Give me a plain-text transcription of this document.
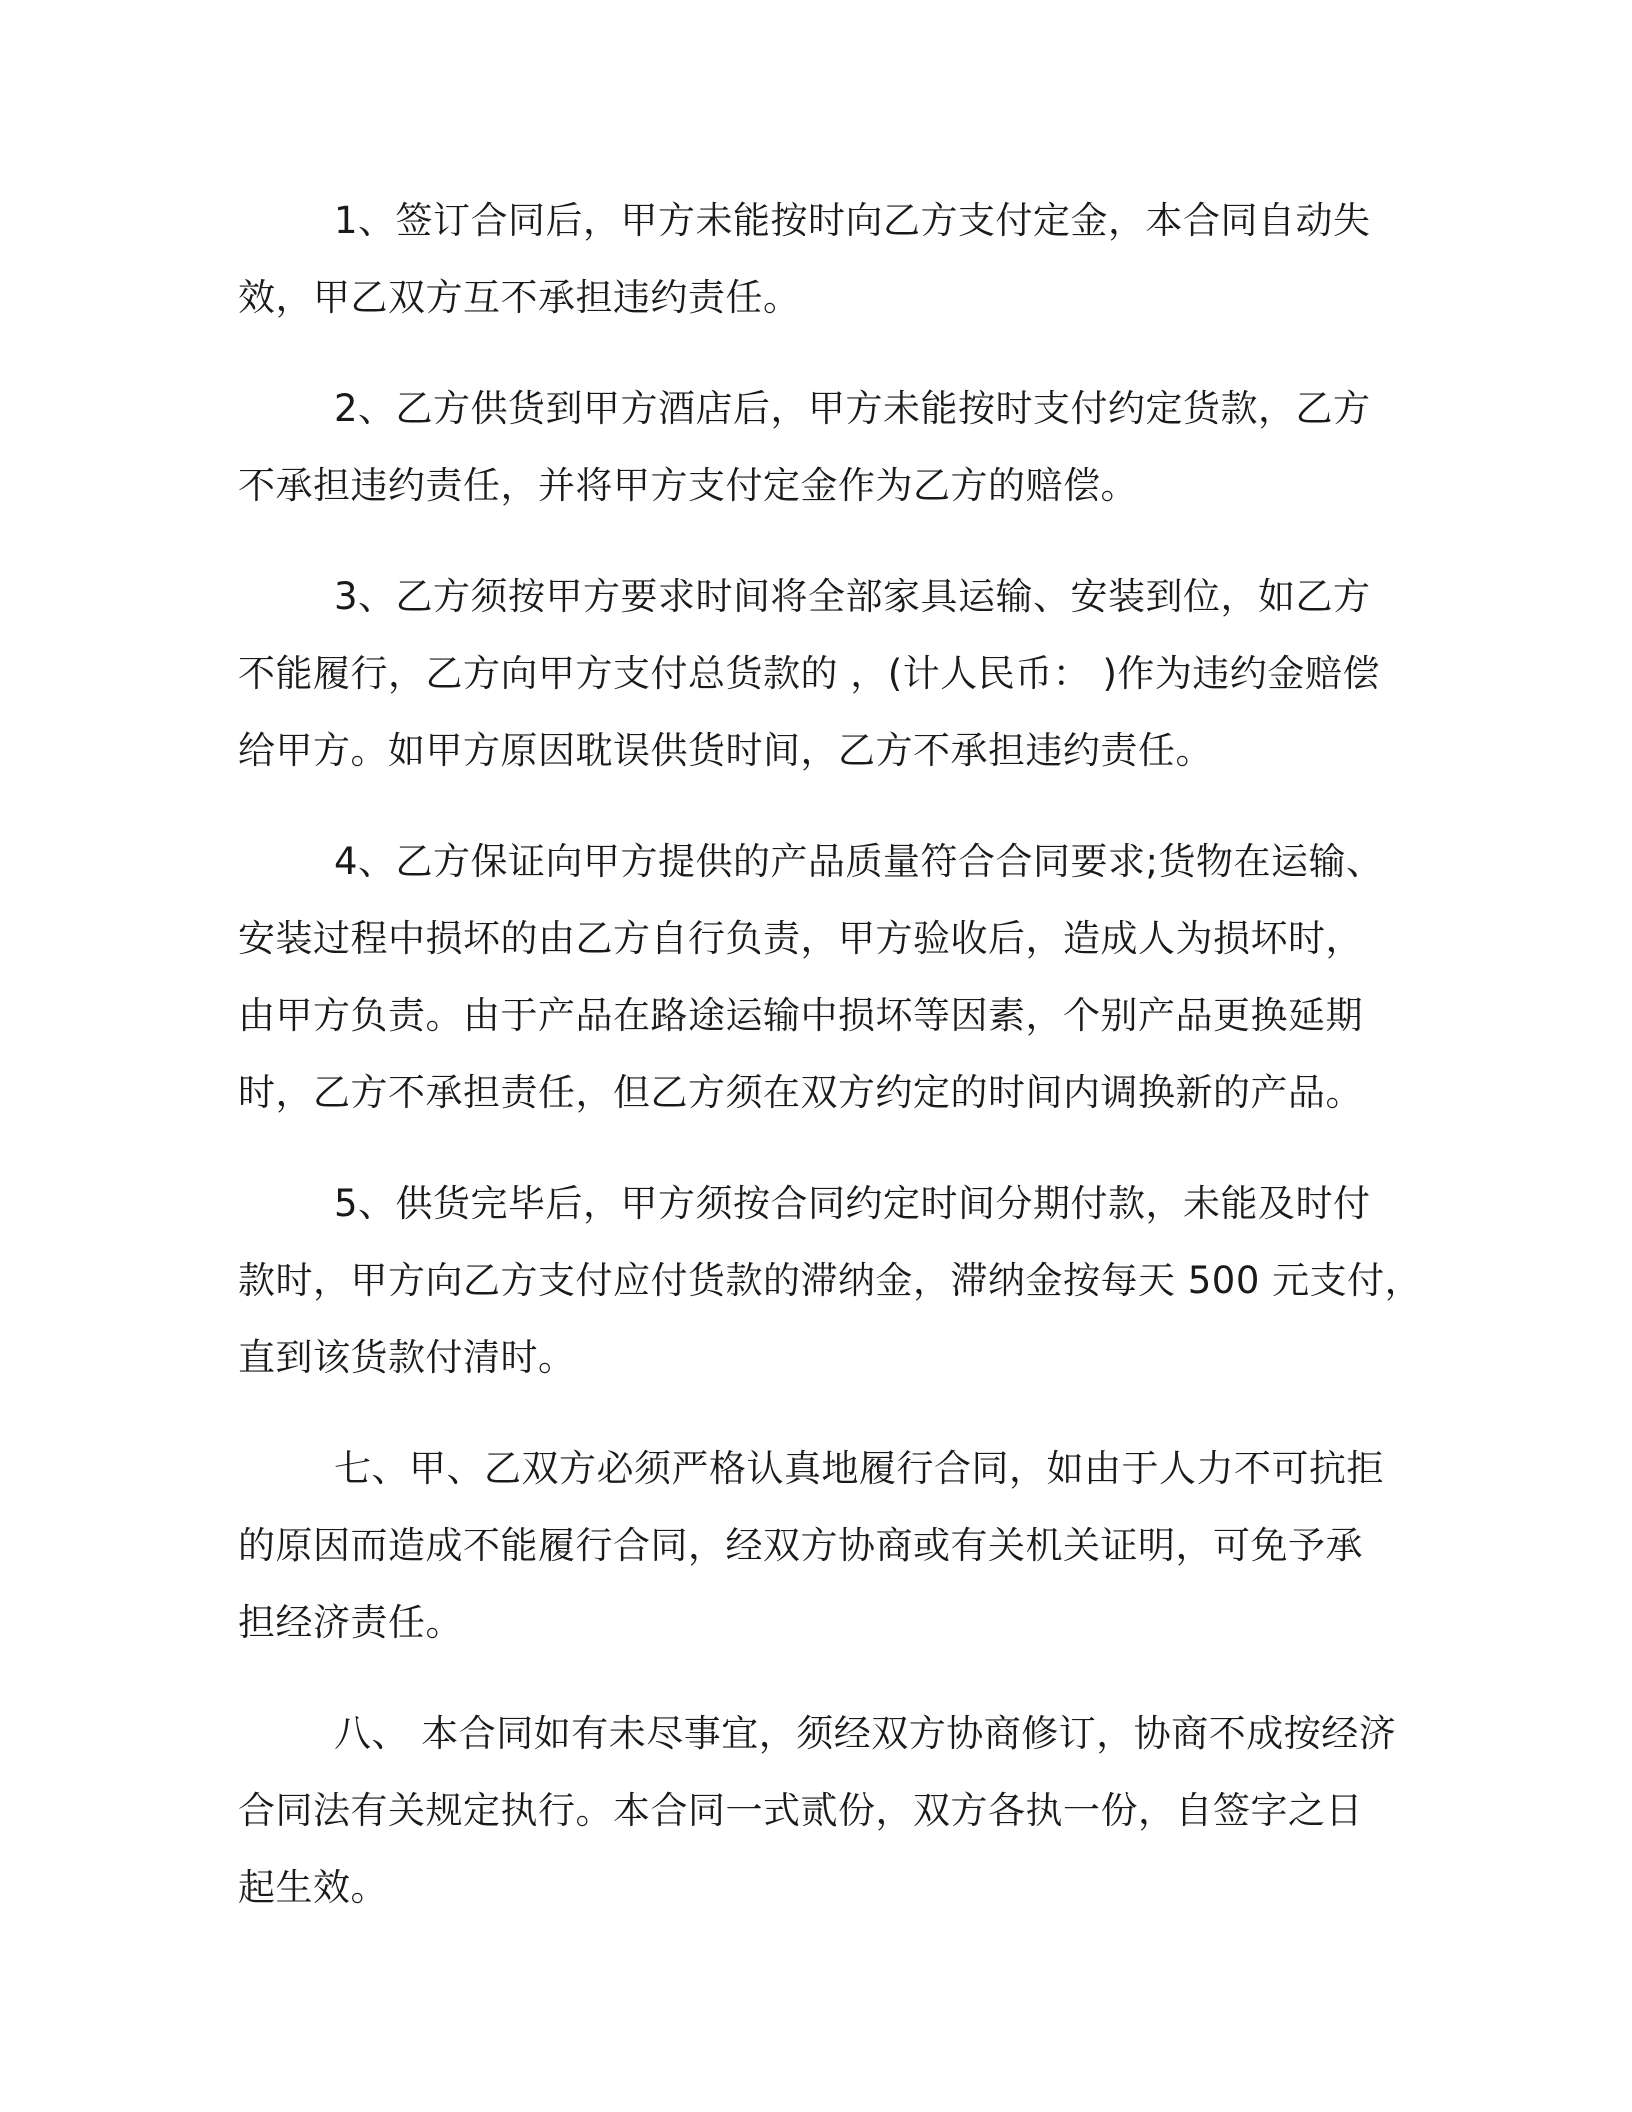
1、签订合同后，甲方未能按时向乙方支付定金，本合同自动失
效，甲乙双方互不承担违约责任。
2、乙方供货到甲方酒店后，甲方未能按时支付约定货款，乙方
不承担违约责任，并将甲方支付定金作为乙方的赔偿。
3、乙方须按甲方要求时间将全部家具运输、安装到位，如乙方
不能履行，乙方向甲方支付总货款的 ，(计人民币： )作为违约金赔偿
给甲方。如甲方原因耽误供货时间，乙方不承担违约责任。
4、乙方保证向甲方提供的产品质量符合合同要求;货物在运输、
安装过程中损坏的由乙方自行负责，甲方验收后，造成人为损坏时，
由甲方负责。由于产品在路途运输中损坏等因素，个别产品更换延期
时，乙方不承担责任，但乙方须在双方约定的时间内调换新的产品。
5、供货完毕后，甲方须按合同约定时间分期付款，未能及时付
款时，甲方向乙方支付应付货款的滞纳金，滞纳金按每天 500 元支付，
直到该货款付清时。
七、甲、乙双方必须严格认真地履行合同，如由于人力不可抗拒
的原因而造成不能履行合同，经双方协商或有关机关证明，可免予承
担经济责任。
八、 本合同如有未尽事宜，须经双方协商修订，协商不成按经济
合同法有关规定执行。本合同一式贰份，双方各执一份，自签字之日
起生效。
